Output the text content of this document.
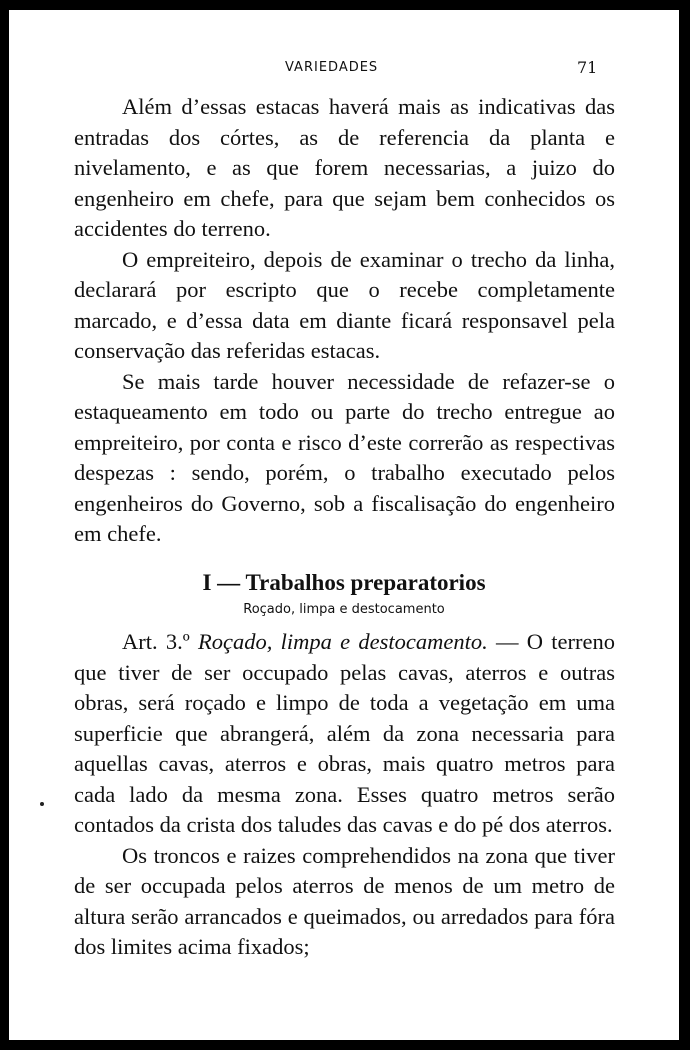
VARIEDADES	71

Além d’essas estacas haverá mais as indicativas das entradas dos córtes, as de referencia da planta e nivelamento, e as que forem necessarias, a juizo do engenheiro em chefe, para que sejam bem conhecidos os accidentes do terreno.

O empreiteiro, depois de examinar o trecho da linha, declarará por escripto que o recebe completamente marcado, e d’essa data em diante ficará responsavel pela conservação das referidas estacas.

Se mais tarde houver necessidade de refazer-se o estaqueamento em todo ou parte do trecho entregue ao empreiteiro, por conta e risco d’este correrão as respectivas despezas : sendo, porém, o trabalho executado pelos engenheiros do Governo, sob a fiscalisação do engenheiro em chefe.

I — Trabalhos preparatorios
Roçado, limpa e destocamento

Art. 3.º Roçado, limpa e destocamento. — O terreno que tiver de ser occupado pelas cavas, aterros e outras obras, será roçado e limpo de toda a vegetação em uma superficie que abrangerá, além da zona necessaria para aquellas cavas, aterros e obras, mais quatro metros para cada lado da mesma zona. Esses quatro metros serão contados da crista dos taludes das cavas e do pé dos aterros.

Os troncos e raizes comprehendidos na zona que tiver de ser occupada pelos aterros de menos de um metro de altura serão arrancados e queimados, ou arredados para fóra dos limites acima fixados;
